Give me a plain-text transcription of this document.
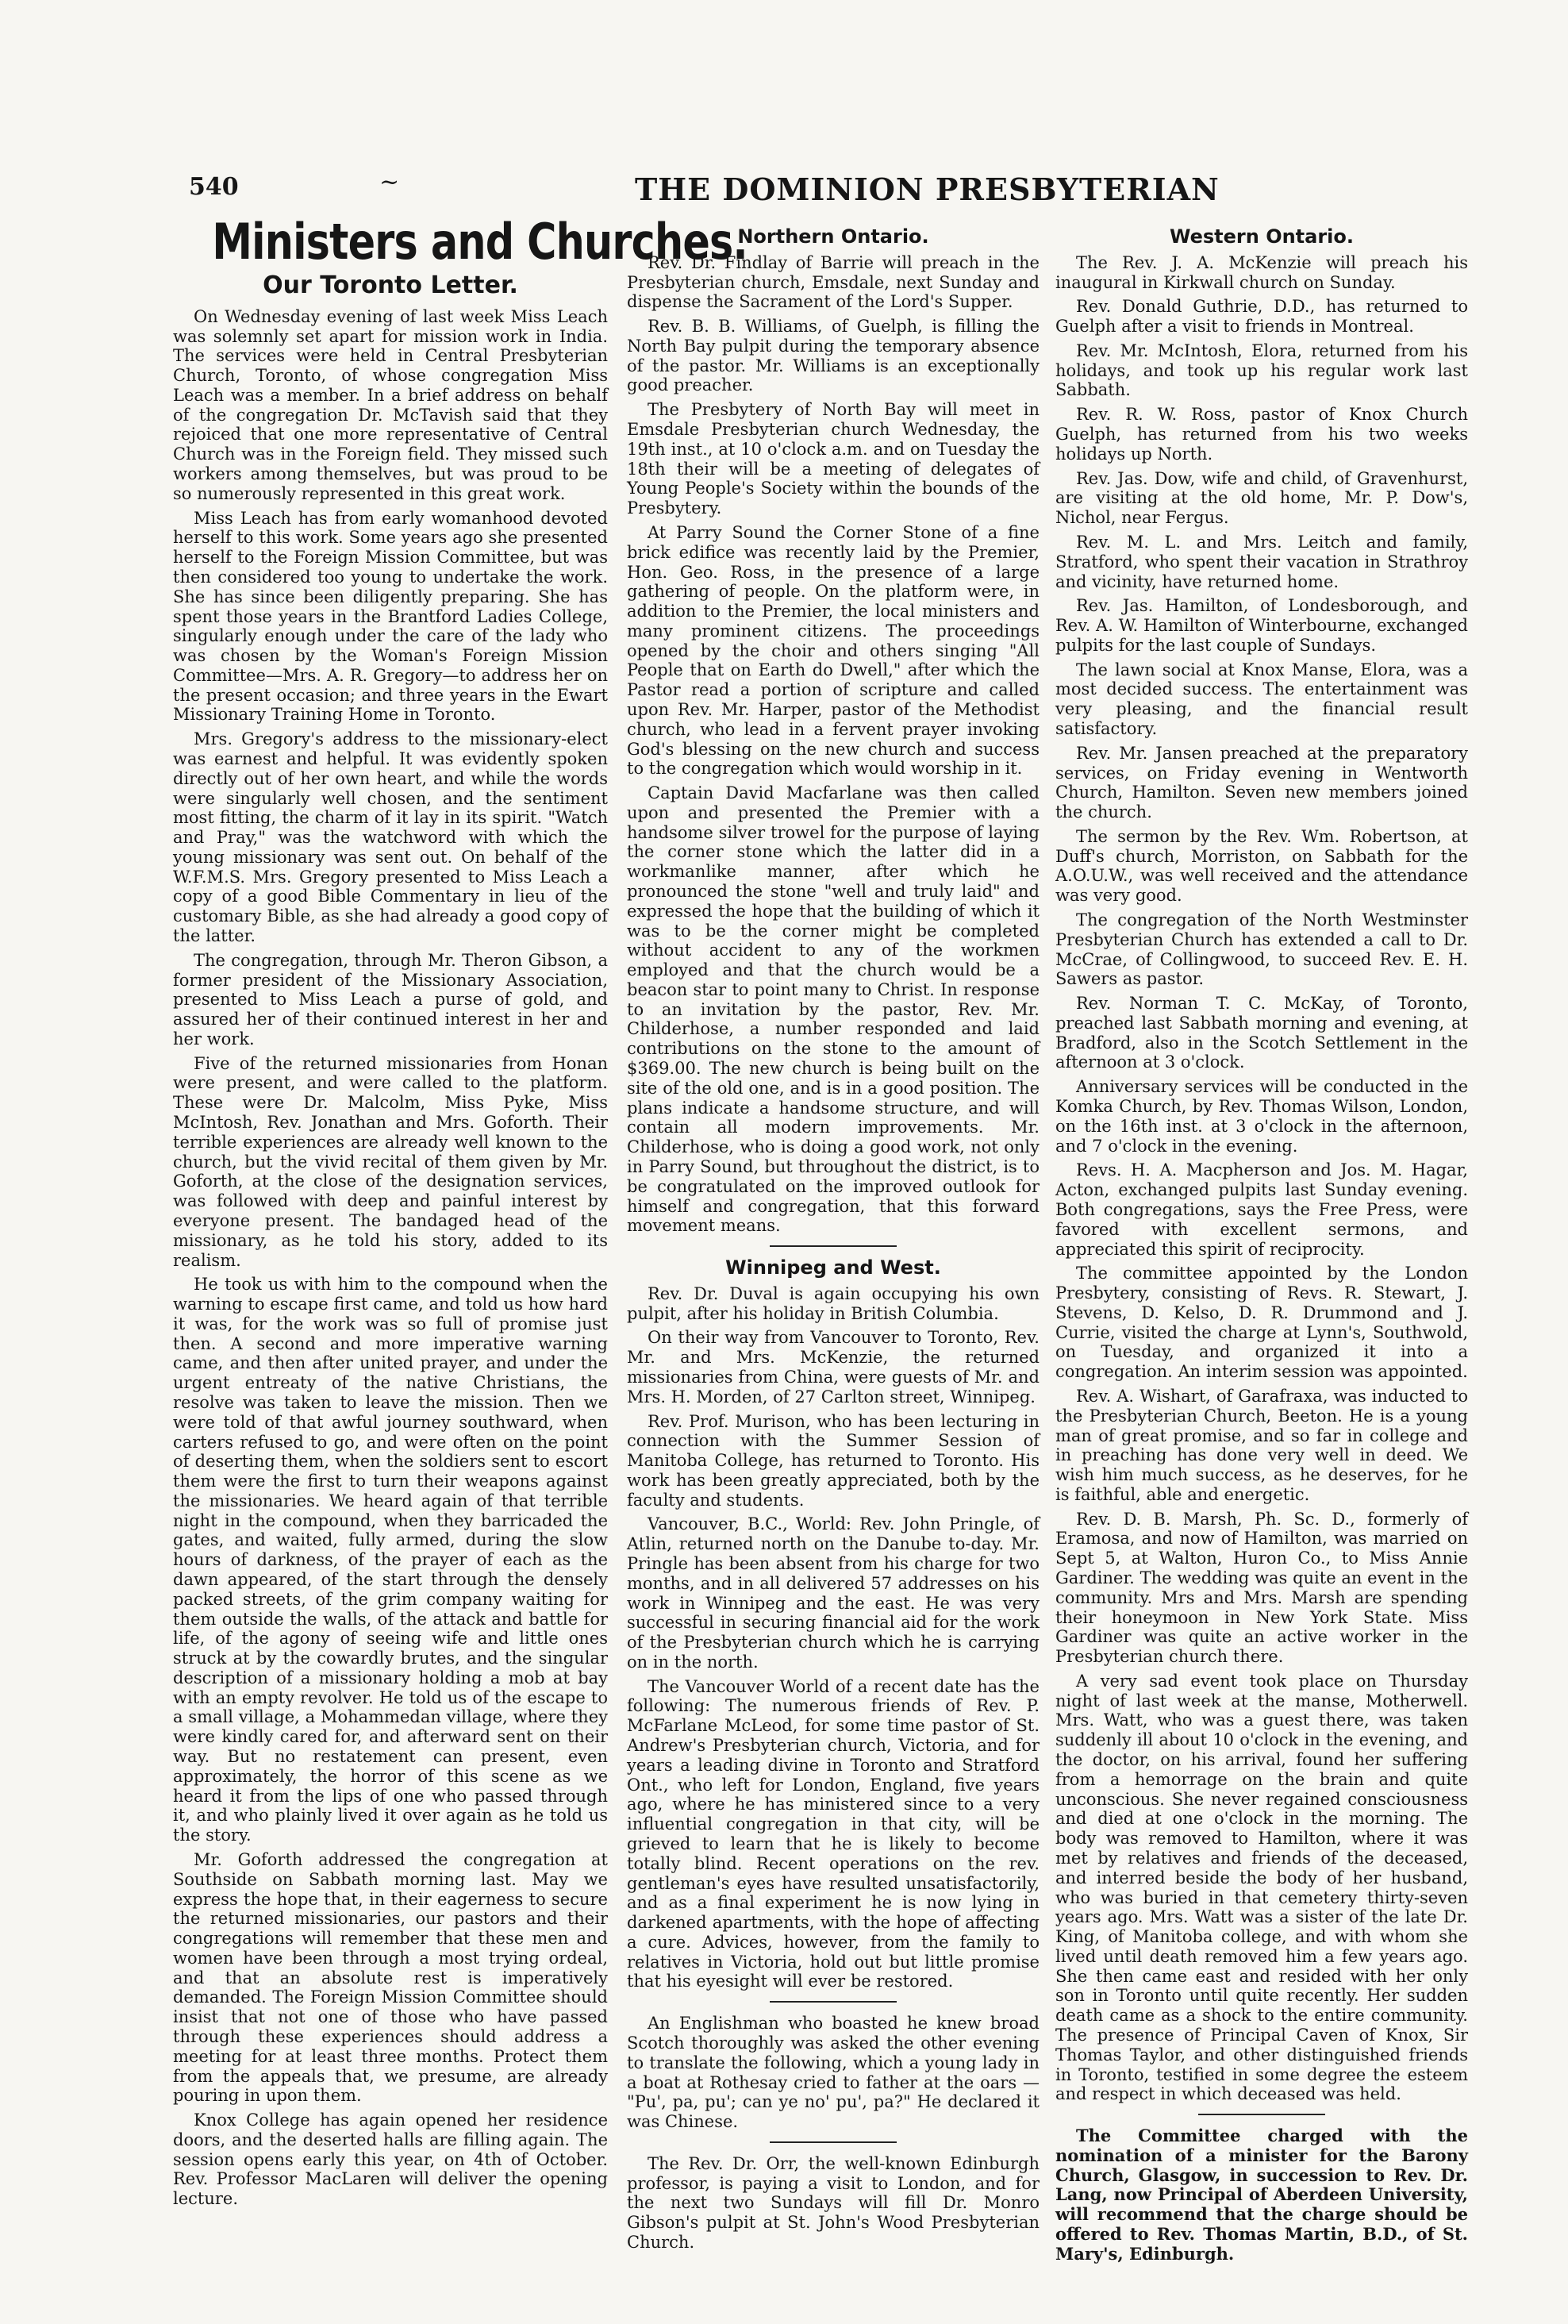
540	~	THE DOMINION PRESBYTERIAN
Ministers and Churches.
Our Toronto Letter.

On Wednesday evening of last week Miss Leach was solemnly set apart for mission work in India. The services were held in Central Presbyterian Church, Toronto, of whose congregation Miss Leach was a member. In a brief address on behalf of the congregation Dr. McTavish said that they rejoiced that one more representative of Central Church was in the Foreign field. They missed such workers among themselves, but was proud to be so numerously represented in this great work.

Miss Leach has from early womanhood devoted herself to this work. Some years ago she presented herself to the Foreign Mission Committee, but was then considered too young to undertake the work. She has since been diligently preparing. She has spent those years in the Brantford Ladies College, singularly enough under the care of the lady who was chosen by the Woman's Foreign Mission Committee—Mrs. A. R. Gregory—to address her on the present occasion; and three years in the Ewart Missionary Training Home in Toronto.

Mrs. Gregory's address to the missionary-elect was earnest and helpful. It was evidently spoken directly out of her own heart, and while the words were singularly well chosen, and the sentiment most fitting, the charm of it lay in its spirit. "Watch and Pray," was the watchword with which the young missionary was sent out. On behalf of the W.F.M.S. Mrs. Gregory presented to Miss Leach a copy of a good Bible Commentary in lieu of the customary Bible, as she had already a good copy of the latter.

The congregation, through Mr. Theron Gibson, a former president of the Missionary Association, presented to Miss Leach a purse of gold, and assured her of their continued interest in her and her work.

Five of the returned missionaries from Honan were present, and were called to the platform. These were Dr. Malcolm, Miss Pyke, Miss McIntosh, Rev. Jonathan and Mrs. Goforth. Their terrible experiences are already well known to the church, but the vivid recital of them given by Mr. Goforth, at the close of the designation services, was followed with deep and painful interest by everyone present. The bandaged head of the missionary, as he told his story, added to its realism.

He took us with him to the compound when the warning to escape first came, and told us how hard it was, for the work was so full of promise just then. A second and more imperative warning came, and then after united prayer, and under the urgent entreaty of the native Christians, the resolve was taken to leave the mission. Then we were told of that awful journey southward, when carters refused to go, and were often on the point of deserting them, when the soldiers sent to escort them were the first to turn their weapons against the missionaries. We heard again of that terrible night in the compound, when they barricaded the gates, and waited, fully armed, during the slow hours of darkness, of the prayer of each as the dawn appeared, of the start through the densely packed streets, of the grim company waiting for them outside the walls, of the attack and battle for life, of the agony of seeing wife and little ones struck at by the cowardly brutes, and the singular description of a missionary holding a mob at bay with an empty revolver. He told us of the escape to a small village, a Mohammedan village, where they were kindly cared for, and afterward sent on their way. But no restatement can present, even approximately, the horror of this scene as we heard it from the lips of one who passed through it, and who plainly lived it over again as he told us the story.

Mr. Goforth addressed the congregation at Southside on Sabbath morning last. May we express the hope that, in their eagerness to secure the returned missionaries, our pastors and their congregations will remember that these men and women have been through a most trying ordeal, and that an absolute rest is imperatively demanded. The Foreign Mission Committee should insist that not one of those who have passed through these experiences should address a meeting for at least three months. Protect them from the appeals that, we presume, are already pouring in upon them.

Knox College has again opened her residence doors, and the deserted halls are filling again. The session opens early this year, on 4th of October. Rev. Professor MacLaren will deliver the opening lecture.

Northern Ontario.

Rev. Dr. Findlay of Barrie will preach in the Presbyterian church, Emsdale, next Sunday and dispense the Sacrament of the Lord's Supper.

Rev. B. B. Williams, of Guelph, is filling the North Bay pulpit during the temporary absence of the pastor. Mr. Williams is an exceptionally good preacher.

The Presbytery of North Bay will meet in Emsdale Presbyterian church Wednesday, the 19th inst., at 10 o'clock a.m. and on Tuesday the 18th their will be a meeting of delegates of Young People's Society within the bounds of the Presbytery.

At Parry Sound the Corner Stone of a fine brick edifice was recently laid by the Premier, Hon. Geo. Ross, in the presence of a large gathering of people. On the platform were, in addition to the Premier, the local ministers and many prominent citizens. The proceedings opened by the choir and others singing "All People that on Earth do Dwell," after which the Pastor read a portion of scripture and called upon Rev. Mr. Harper, pastor of the Methodist church, who lead in a fervent prayer invoking God's blessing on the new church and success to the congregation which would worship in it.

Captain David Macfarlane was then called upon and presented the Premier with a handsome silver trowel for the purpose of laying the corner stone which the latter did in a workmanlike manner, after which he pronounced the stone "well and truly laid" and expressed the hope that the building of which it was to be the corner might be completed without accident to any of the workmen employed and that the church would be a beacon star to point many to Christ. In response to an invitation by the pastor, Rev. Mr. Childerhose, a number responded and laid contributions on the stone to the amount of $369.00. The new church is being built on the site of the old one, and is in a good position. The plans indicate a handsome structure, and will contain all modern improvements. Mr. Childerhose, who is doing a good work, not only in Parry Sound, but throughout the district, is to be congratulated on the improved outlook for himself and congregation, that this forward movement means.

Winnipeg and West.

Rev. Dr. Duval is again occupying his own pulpit, after his holiday in British Columbia.

On their way from Vancouver to Toronto, Rev. Mr. and Mrs. McKenzie, the returned missionaries from China, were guests of Mr. and Mrs. H. Morden, of 27 Carlton street, Winnipeg.

Rev. Prof. Murison, who has been lecturing in connection with the Summer Session of Manitoba College, has returned to Toronto. His work has been greatly appreciated, both by the faculty and students.

Vancouver, B.C., World: Rev. John Pringle, of Atlin, returned north on the Danube to-day. Mr. Pringle has been absent from his charge for two months, and in all delivered 57 addresses on his work in Winnipeg and the east. He was very successful in securing financial aid for the work of the Presbyterian church which he is carrying on in the north.

The Vancouver World of a recent date has the following: The numerous friends of Rev. P. McFarlane McLeod, for some time pastor of St. Andrew's Presbyterian church, Victoria, and for years a leading divine in Toronto and Stratford Ont., who left for London, England, five years ago, where he has ministered since to a very influential congregation in that city, will be grieved to learn that he is likely to become totally blind. Recent operations on the rev. gentleman's eyes have resulted unsatisfactorily, and as a final experiment he is now lying in darkened apartments, with the hope of affecting a cure. Advices, however, from the family to relatives in Victoria, hold out but little promise that his eyesight will ever be restored.

An Englishman who boasted he knew broad Scotch thoroughly was asked the other evening to translate the following, which a young lady in a boat at Rothesay cried to father at the oars — "Pu', pa, pu'; can ye no' pu', pa?" He declared it was Chinese.

The Rev. Dr. Orr, the well-known Edinburgh professor, is paying a visit to London, and for the next two Sundays will fill Dr. Monro Gibson's pulpit at St. John's Wood Presbyterian Church.

Western Ontario.

The Rev. J. A. McKenzie will preach his inaugural in Kirkwall church on Sunday.

Rev. Donald Guthrie, D.D., has returned to Guelph after a visit to friends in Montreal.

Rev. Mr. McIntosh, Elora, returned from his holidays, and took up his regular work last Sabbath.

Rev. R. W. Ross, pastor of Knox Church Guelph, has returned from his two weeks holidays up North.

Rev. Jas. Dow, wife and child, of Gravenhurst, are visiting at the old home, Mr. P. Dow's, Nichol, near Fergus.

Rev. M. L. and Mrs. Leitch and family, Stratford, who spent their vacation in Strathroy and vicinity, have returned home.

Rev. Jas. Hamilton, of Londesborough, and Rev. A. W. Hamilton of Winterbourne, exchanged pulpits for the last couple of Sundays.

The lawn social at Knox Manse, Elora, was a most decided success. The entertainment was very pleasing, and the financial result satisfactory.

Rev. Mr. Jansen preached at the preparatory services, on Friday evening in Wentworth Church, Hamilton. Seven new members joined the church.

The sermon by the Rev. Wm. Robertson, at Duff's church, Morriston, on Sabbath for the A.O.U.W., was well received and the attendance was very good.

The congregation of the North Westminster Presbyterian Church has extended a call to Dr. McCrae, of Collingwood, to succeed Rev. E. H. Sawers as pastor.

Rev. Norman T. C. McKay, of Toronto, preached last Sabbath morning and evening, at Bradford, also in the Scotch Settlement in the afternoon at 3 o'clock.

Anniversary services will be conducted in the Komka Church, by Rev. Thomas Wilson, London, on the 16th inst. at 3 o'clock in the afternoon, and 7 o'clock in the evening.

Revs. H. A. Macpherson and Jos. M. Hagar, Acton, exchanged pulpits last Sunday evening. Both congregations, says the Free Press, were favored with excellent sermons, and appreciated this spirit of reciprocity.

The committee appointed by the London Presbytery, consisting of Revs. R. Stewart, J. Stevens, D. Kelso, D. R. Drummond and J. Currie, visited the charge at Lynn's, Southwold, on Tuesday, and organized it into a congregation. An interim session was appointed.

Rev. A. Wishart, of Garafraxa, was inducted to the Presbyterian Church, Beeton. He is a young man of great promise, and so far in college and in preaching has done very well in deed. We wish him much success, as he deserves, for he is faithful, able and energetic.

Rev. D. B. Marsh, Ph. Sc. D., formerly of Eramosa, and now of Hamilton, was married on Sept 5, at Walton, Huron Co., to Miss Annie Gardiner. The wedding was quite an event in the community. Mrs and Mrs. Marsh are spending their honeymoon in New York State. Miss Gardiner was quite an active worker in the Presbyterian church there.

A very sad event took place on Thursday night of last week at the manse, Motherwell. Mrs. Watt, who was a guest there, was taken suddenly ill about 10 o'clock in the evening, and the doctor, on his arrival, found her suffering from a hemorrage on the brain and quite unconscious. She never regained consciousness and died at one o'clock in the morning. The body was removed to Hamilton, where it was met by relatives and friends of the deceased, and interred beside the body of her husband, who was buried in that cemetery thirty-seven years ago. Mrs. Watt was a sister of the late Dr. King, of Manitoba college, and with whom she lived until death removed him a few years ago. She then came east and resided with her only son in Toronto until quite recently. Her sudden death came as a shock to the entire community. The presence of Principal Caven of Knox, Sir Thomas Taylor, and other distinguished friends in Toronto, testified in some degree the esteem and respect in which deceased was held.

The Committee charged with the nomination of a minister for the Barony Church, Glasgow, in succession to Rev. Dr. Lang, now Principal of Aberdeen University, will recommend that the charge should be offered to Rev. Thomas Martin, B.D., of St. Mary's, Edinburgh.
